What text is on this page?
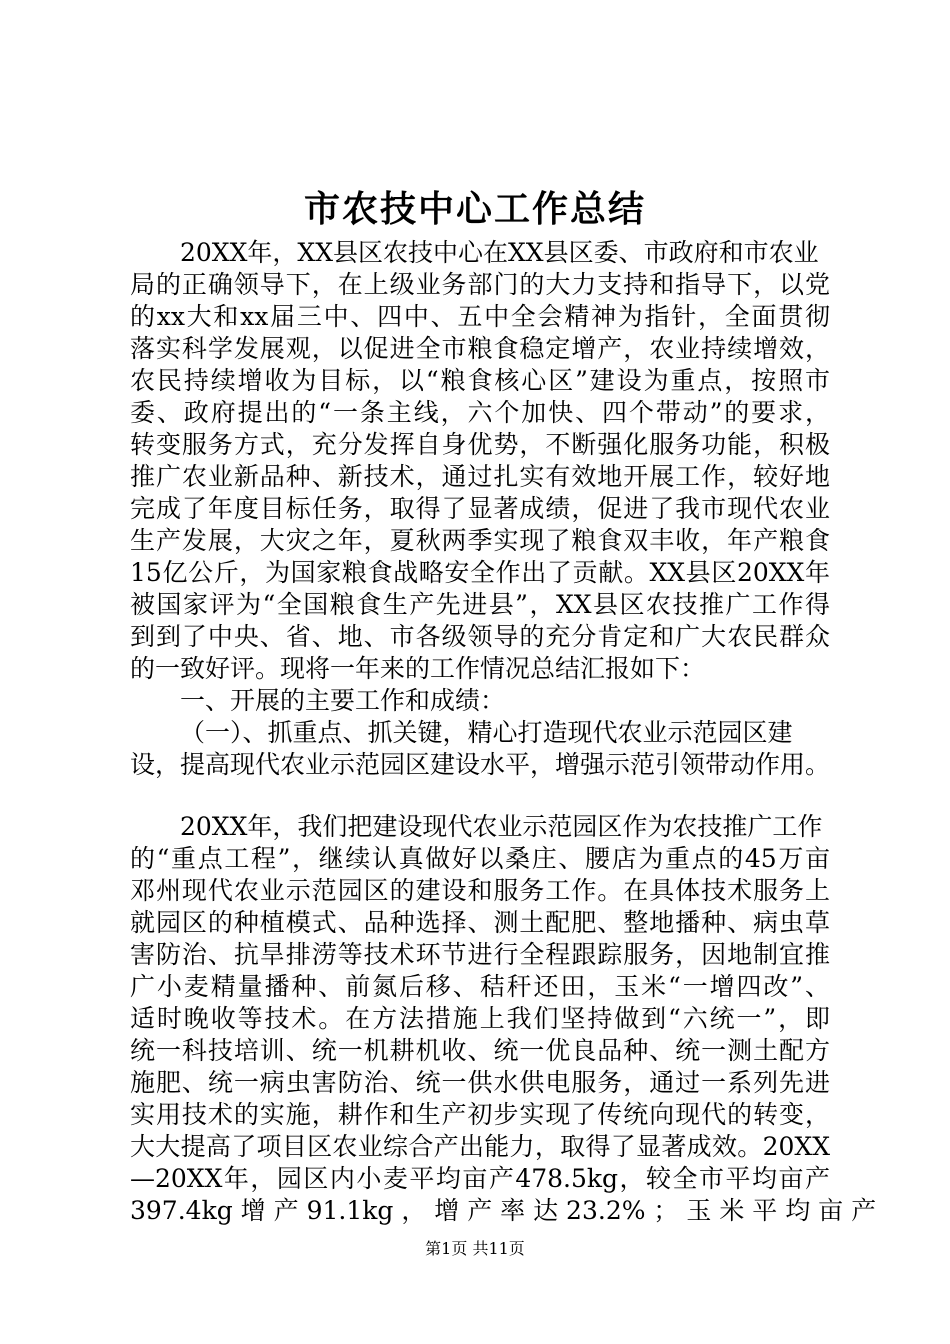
市农技中心工作总结
20XX年，XX县区农技中心在XX县区委、市政府和市农业
局的正确领导下，在上级业务部门的大力支持和指导下，以党
的xx大和xx届三中、四中、五中全会精神为指针，全面贯彻
落实科学发展观，以促进全市粮食稳定增产，农业持续增效，
农民持续增收为目标，以“粮食核心区”建设为重点，按照市
委、政府提出的“一条主线，六个加快、四个带动”的要求，
转变服务方式，充分发挥自身优势，不断强化服务功能，积极
推广农业新品种、新技术，通过扎实有效地开展工作，较好地
完成了年度目标任务，取得了显著成绩，促进了我市现代农业
生产发展，大灾之年，夏秋两季实现了粮食双丰收，年产粮食
15亿公斤，为国家粮食战略安全作出了贡献。XX县区20XX年
被国家评为“全国粮食生产先进县”，XX县区农技推广工作得
到到了中央、省、地、市各级领导的充分肯定和广大农民群众
的一致好评。现将一年来的工作情况总结汇报如下：
一、开展的主要工作和成绩：
（一）、抓重点、抓关键，精心打造现代农业示范园区建
设，提高现代农业示范园区建设水平，增强示范引领带动作用。
20XX年，我们把建设现代农业示范园区作为农技推广工作
的“重点工程”，继续认真做好以桑庄、腰店为重点的45万亩
邓州现代农业示范园区的建设和服务工作。在具体技术服务上
就园区的种植模式、品种选择、测土配肥、整地播种、病虫草
害防治、抗旱排涝等技术环节进行全程跟踪服务，因地制宜推
广小麦精量播种、前氮后移、秸秆还田，玉米“一增四改”、
适时晚收等技术。在方法措施上我们坚持做到“六统一”，即
统一科技培训、统一机耕机收、统一优良品种、统一测土配方
施肥、统一病虫害防治、统一供水供电服务，通过一系列先进
实用技术的实施，耕作和生产初步实现了传统向现代的转变，
大大提高了项目区农业综合产出能力，取得了显著成效。20XX
—20XX年，园区内小麦平均亩产478.5kg，较全市平均亩产
397.4kg 增 产 91.1kg ， 增 产 率 达 23.2% ； 玉 米 平 均 亩 产
第1页 共11页
